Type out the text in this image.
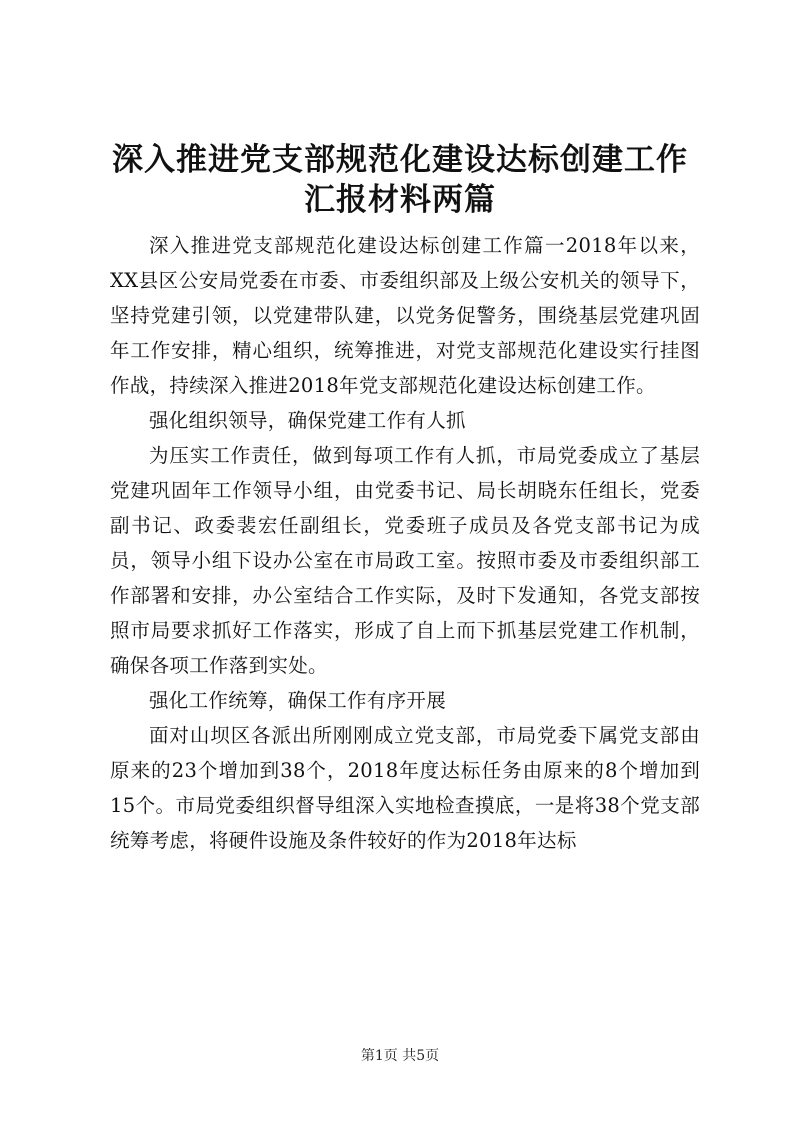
深入推进党支部规范化建设达标创建工作汇报材料两篇

深入推进党支部规范化建设达标创建工作篇一2018年以来，XX县区公安局党委在市委、市委组织部及上级公安机关的领导下，坚持党建引领，以党建带队建，以党务促警务，围绕基层党建巩固年工作安排，精心组织，统筹推进，对党支部规范化建设实行挂图作战，持续深入推进2018年党支部规范化建设达标创建工作。

强化组织领导，确保党建工作有人抓

为压实工作责任，做到每项工作有人抓，市局党委成立了基层党建巩固年工作领导小组，由党委书记、局长胡晓东任组长，党委副书记、政委裴宏任副组长，党委班子成员及各党支部书记为成员，领导小组下设办公室在市局政工室。按照市委及市委组织部工作部署和安排，办公室结合工作实际，及时下发通知，各党支部按照市局要求抓好工作落实，形成了自上而下抓基层党建工作机制，确保各项工作落到实处。

强化工作统筹，确保工作有序开展

面对山坝区各派出所刚刚成立党支部，市局党委下属党支部由原来的23个增加到38个，2018年度达标任务由原来的8个增加到15个。市局党委组织督导组深入实地检查摸底，一是将38个党支部统筹考虑，将硬件设施及条件较好的作为2018年达标

第1页 共5页
